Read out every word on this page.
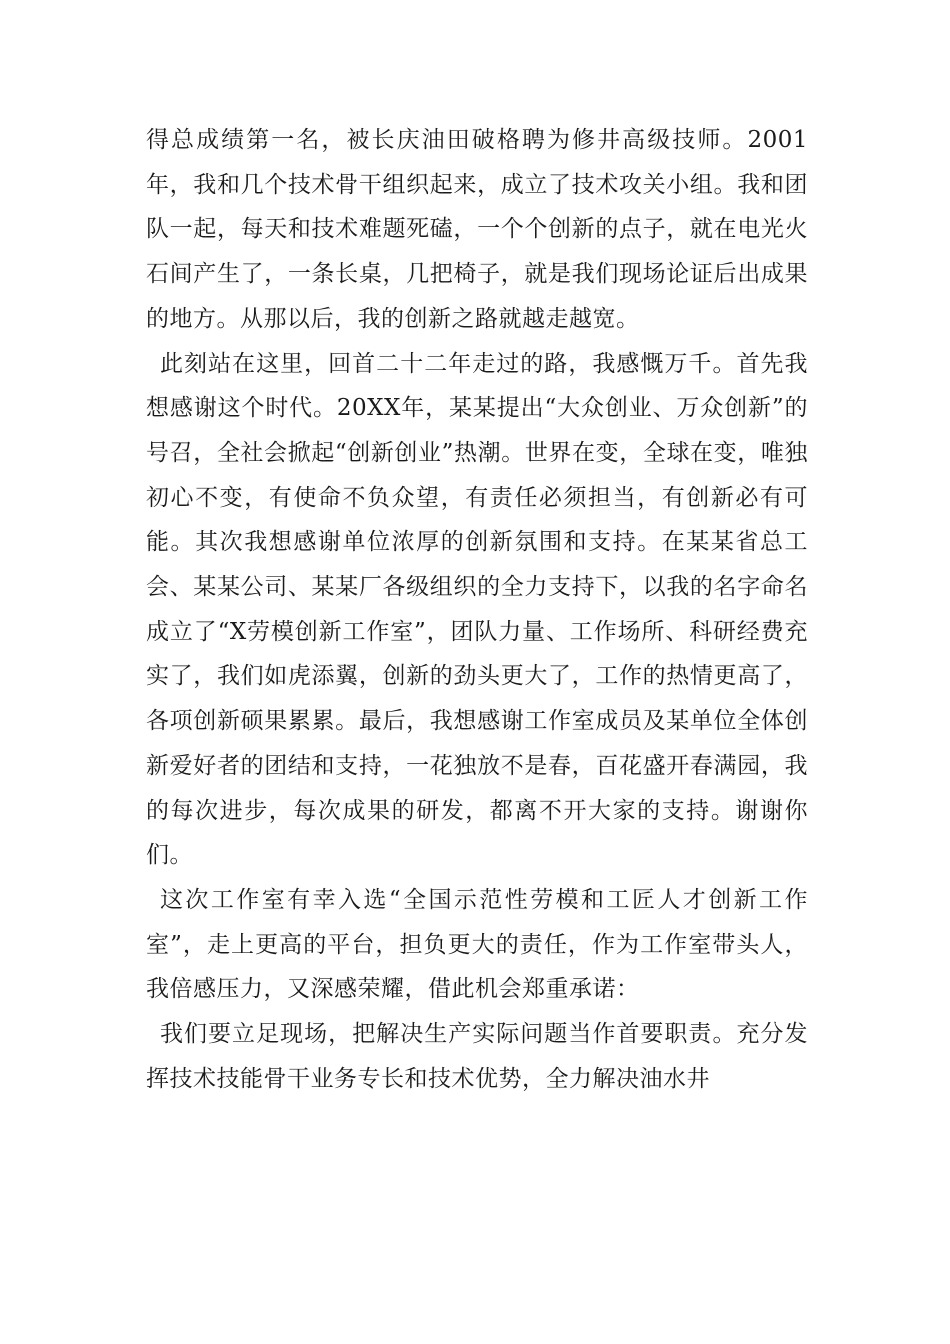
得总成绩第一名，被长庆油田破格聘为修井高级技师。2001年，我和几个技术骨干组织起来，成立了技术攻关小组。我和团队一起，每天和技术难题死磕，一个个创新的点子，就在电光火石间产生了，一条长桌，几把椅子，就是我们现场论证后出成果的地方。从那以后，我的创新之路就越走越宽。

此刻站在这里，回首二十二年走过的路，我感慨万千。首先我想感谢这个时代。20XX年，某某提出“大众创业、万众创新”的号召，全社会掀起“创新创业”热潮。世界在变，全球在变，唯独初心不变，有使命不负众望，有责任必须担当，有创新必有可能。其次我想感谢单位浓厚的创新氛围和支持。在某某省总工会、某某公司、某某厂各级组织的全力支持下，以我的名字命名成立了“X劳模创新工作室”，团队力量、工作场所、科研经费充实了，我们如虎添翼，创新的劲头更大了，工作的热情更高了，各项创新硕果累累。最后，我想感谢工作室成员及某单位全体创新爱好者的团结和支持，一花独放不是春，百花盛开春满园，我的每次进步，每次成果的研发，都离不开大家的支持。谢谢你们。

这次工作室有幸入选“全国示范性劳模和工匠人才创新工作室”，走上更高的平台，担负更大的责任，作为工作室带头人，我倍感压力，又深感荣耀，借此机会郑重承诺：

我们要立足现场，把解决生产实际问题当作首要职责。充分发挥技术技能骨干业务专长和技术优势，全力解决油水井
